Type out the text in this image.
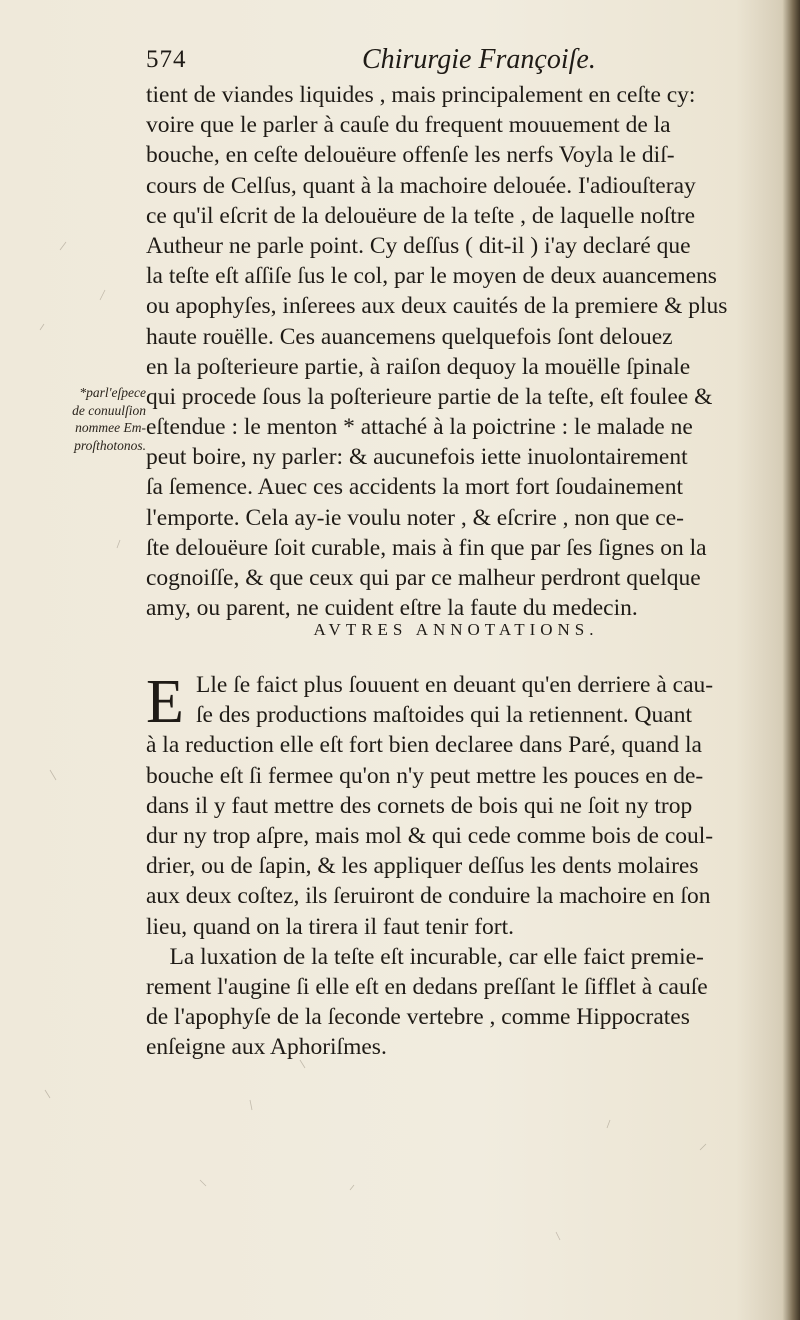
574	Chirurgie Françoiſe.
*parl'eſpece
de conuulſion
nommee Em-
proſthotonos.
tient de viandes liquides , mais principalement en ceſte cy:
voire que le parler à cauſe du frequent mouuement de la
bouche, en ceſte delouëure offenſe les nerfs Voyla le diſ-
cours de Celſus, quant à la machoire delouée. I'adiouſteray
ce qu'il eſcrit de la delouëure de la teſte , de laquelle noſtre
Autheur ne parle point. Cy deſſus ( dit-il ) i'ay declaré que
la teſte eſt aſſiſe ſus le col, par le moyen de deux auancemens
ou apophyſes, inſerees aux deux cauités de la premiere & plus
haute rouëlle. Ces auancemens quelquefois ſont delouez
en la poſterieure partie, à raiſon dequoy la mouëlle ſpinale
qui procede ſous la poſterieure partie de la teſte, eſt foulee &
eſtendue : le menton * attaché à la poictrine : le malade ne
peut boire, ny parler: & aucunefois iette inuolontairement
ſa ſemence. Auec ces accidents la mort fort ſoudainement
l'emporte. Cela ay-ie voulu noter , & eſcrire , non que ce-
ſte delouëure ſoit curable, mais à fin que par ſes ſignes on la
cognoiſſe, & que ceux qui par ce malheur perdront quelque
amy, ou parent, ne cuident eſtre la faute du medecin.
AVTRES ANNOTATIONS.
E Lle ſe faict plus ſouuent en deuant qu'en derriere à cau-
ſe des productions maſtoides qui la retiennent. Quant
à la reduction elle eſt fort bien declaree dans Paré, quand la
bouche eſt ſi fermee qu'on n'y peut mettre les pouces en de-
dans il y faut mettre des cornets de bois qui ne ſoit ny trop
dur ny trop aſpre, mais mol & qui cede comme bois de coul-
drier, ou de ſapin, & les appliquer deſſus les dents molaires
aux deux coſtez, ils ſeruiront de conduire la machoire en ſon
lieu, quand on la tirera il faut tenir fort.
La luxation de la teſte eſt incurable, car elle faict premie-
rement l'augine ſi elle eſt en dedans preſſant le ſifflet à cauſe
de l'apophyſe de la ſeconde vertebre , comme Hippocrates
enſeigne aux Aphoriſmes.
